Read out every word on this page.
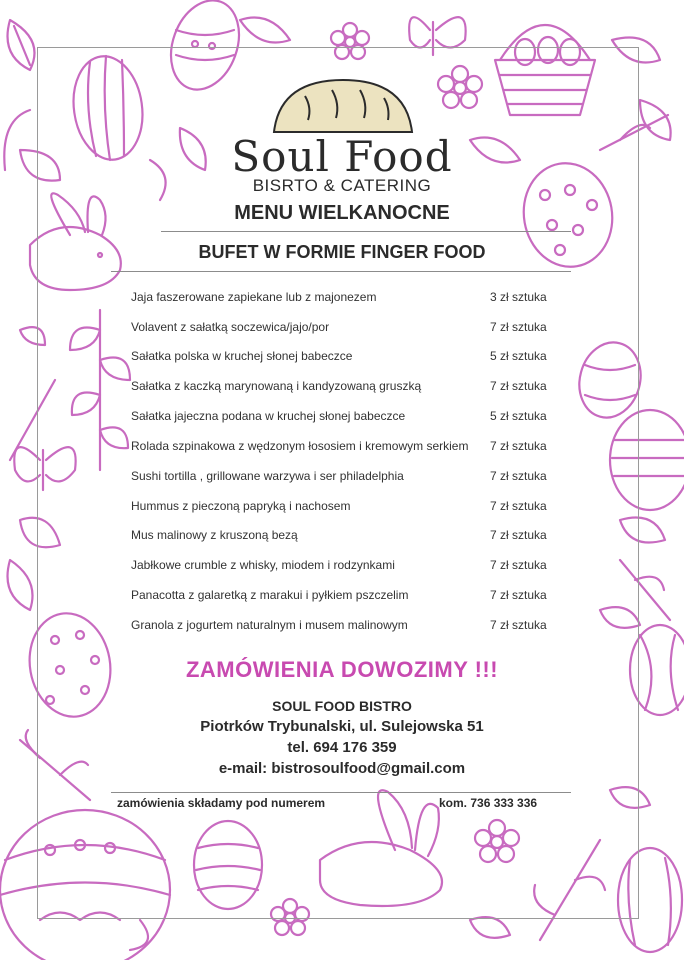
Soul Food
BISRTO & CATERING
MENU WIELKANOCNE
BUFET W FORMIE FINGER FOOD
Jaja faszerowane zapiekane lub z majonezem	3 zł sztuka
Volavent z sałatką soczewica/jajo/por	7 zł sztuka
Sałatka polska w kruchej słonej babeczce	5 zł sztuka
Sałatka z kaczką marynowaną i kandyzowaną gruszką	7 zł sztuka
Sałatka jajeczna podana w kruchej słonej babeczce	5 zł sztuka
Rolada szpinakowa z wędzonym łososiem i kremowym serkiem 7 zł sztuka
Sushi tortilla , grillowane warzywa i ser philadelphia	7 zł sztuka
Hummus z pieczoną papryką i nachosem	7 zł sztuka
Mus malinowy z kruszoną bezą	7 zł sztuka
Jabłkowe crumble z whisky, miodem i rodzynkami	7 zł sztuka
Panacotta z galaretką z marakui i pyłkiem pszczelim	7 zł sztuka
Granola z jogurtem naturalnym i musem malinowym	7 zł sztuka
ZAMÓWIENIA DOWOZIMY !!!
SOUL FOOD BISTRO
Piotrków Trybunalski, ul. Sulejowska 51
tel. 694 176 359
e-mail: bistrosoulfood@gmail.com
zamówienia składamy pod numerem	kom. 736 333 336
